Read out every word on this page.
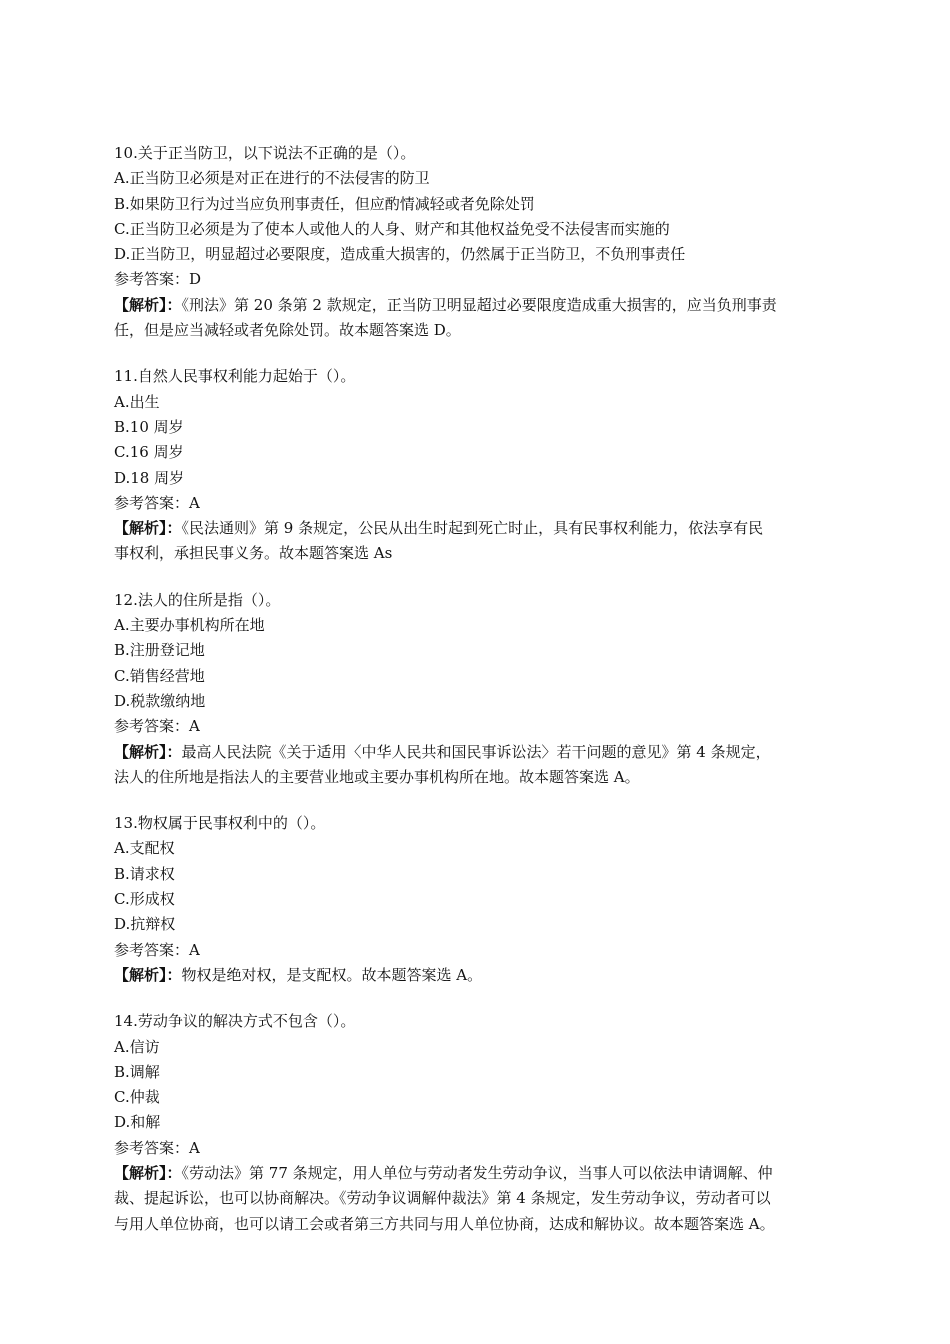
10.关于正当防卫，以下说法不正确的是（）。
A.正当防卫必须是对正在进行的不法侵害的防卫
B.如果防卫行为过当应负刑事责任，但应酌情减轻或者免除处罚
C.正当防卫必须是为了使本人或他人的人身、财产和其他权益免受不法侵害而实施的
D.正当防卫，明显超过必要限度，造成重大损害的，仍然属于正当防卫，不负刑事责任
参考答案：D
【解析】：《刑法》第 20 条第 2 款规定，正当防卫明显超过必要限度造成重大损害的，应当负刑事责
任，但是应当减轻或者免除处罚。故本题答案选 D。
11.自然人民事权利能力起始于（）。
A.出生
B.10 周岁
C.16 周岁
D.18 周岁
参考答案：A
【解析】：《民法通则》第 9 条规定，公民从出生时起到死亡时止，具有民事权利能力，依法享有民
事权利，承担民事义务。故本题答案选 As
12.法人的住所是指（）。
A.主要办事机构所在地
B.注册登记地
C.销售经营地
D.税款缴纳地
参考答案：A
【解析】：最高人民法院《关于适用〈中华人民共和国民事诉讼法〉若干问题的意见》第 4 条规定，
法人的住所地是指法人的主要营业地或主要办事机构所在地。故本题答案选 A。
13.物权属于民事权利中的（）。
A.支配权
B.请求权
C.形成权
D.抗辩权
参考答案：A
【解析】：物权是绝对权，是支配权。故本题答案选 A。
14.劳动争议的解决方式不包含（）。
A.信访
B.调解
C.仲裁
D.和解
参考答案：A
【解析】：《劳动法》第 77 条规定，用人单位与劳动者发生劳动争议，当事人可以依法申请调解、仲
裁、提起诉讼，也可以协商解决。《劳动争议调解仲裁法》第 4 条规定，发生劳动争议，劳动者可以
与用人单位协商，也可以请工会或者第三方共同与用人单位协商，达成和解协议。故本题答案选 A。
